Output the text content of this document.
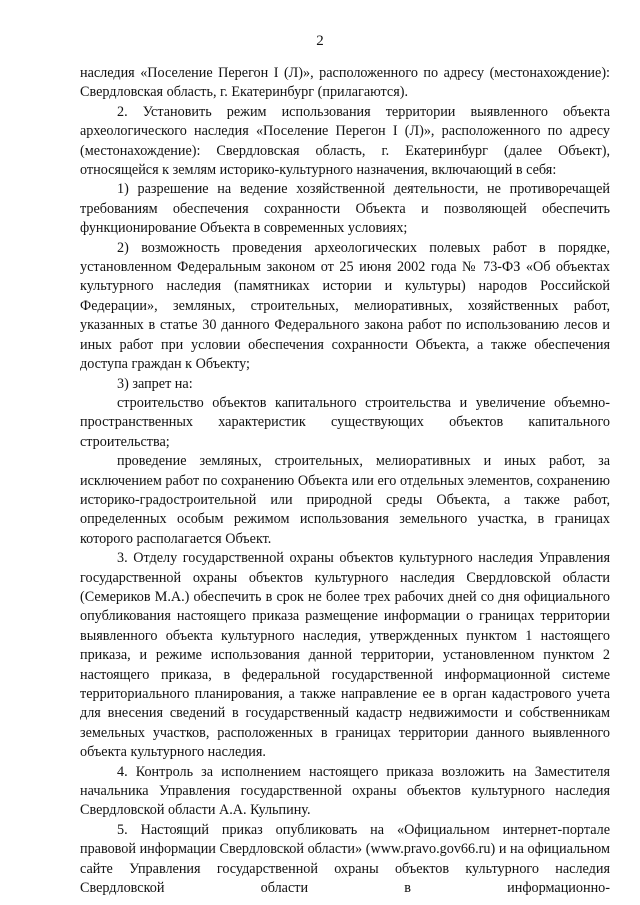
2

наследия «Поселение Перегон I (Л)», расположенного по адресу (местонахождение): Свердловская область, г. Екатеринбург (прилагаются).

2. Установить режим использования территории выявленного объекта археологического наследия «Поселение Перегон I (Л)», расположенного по адресу (местонахождение): Свердловская область, г. Екатеринбург (далее Объект), относящейся к землям историко-культурного назначения, включающий в себя:

1) разрешение на ведение хозяйственной деятельности, не противоречащей требованиям обеспечения сохранности Объекта и позволяющей обеспечить функционирование Объекта в современных условиях;

2) возможность проведения археологических полевых работ в порядке, установленном Федеральным законом от 25 июня 2002 года № 73-ФЗ «Об объектах культурного наследия (памятниках истории и культуры) народов Российской Федерации», земляных, строительных, мелиоративных, хозяйственных работ, указанных в статье 30 данного Федерального закона работ по использованию лесов и иных работ при условии обеспечения сохранности Объекта, а также обеспечения доступа граждан к Объекту;

3) запрет на:

строительство объектов капитального строительства и увеличение объемно-пространственных характеристик существующих объектов капитального строительства;

проведение земляных, строительных, мелиоративных и иных работ, за исключением работ по сохранению Объекта или его отдельных элементов, сохранению историко-градостроительной или природной среды Объекта, а также работ, определенных особым режимом использования земельного участка, в границах которого располагается Объект.

3. Отделу государственной охраны объектов культурного наследия Управления государственной охраны объектов культурного наследия Свердловской области (Семериков М.А.) обеспечить в срок не более трех рабочих дней со дня официального опубликования настоящего приказа размещение информации о границах территории выявленного объекта культурного наследия, утвержденных пунктом 1 настоящего приказа, и режиме использования данной территории, установленном пунктом 2 настоящего приказа, в федеральной государственной информационной системе территориального планирования, а также направление ее в орган кадастрового учета для внесения сведений в государственный кадастр недвижимости и собственникам земельных участков, расположенных в границах территории данного выявленного объекта культурного наследия.

4. Контроль за исполнением настоящего приказа возложить на Заместителя начальника Управления государственной охраны объектов культурного наследия Свердловской области А.А. Кульпину.

5. Настоящий приказ опубликовать на «Официальном интернет-портале правовой информации Свердловской области» (www.pravo.gov66.ru) и на официальном сайте Управления государственной охраны объектов культурного наследия Свердловской области в информационно-
